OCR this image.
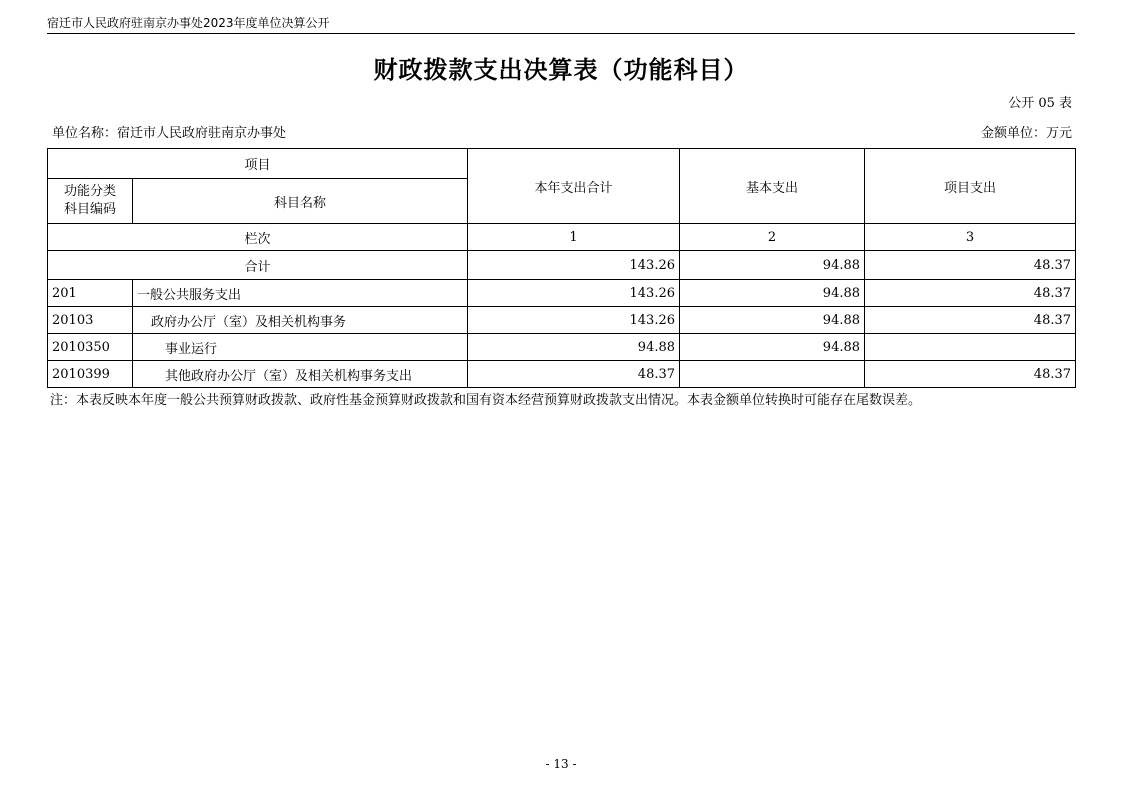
宿迁市人民政府驻南京办事处2023年度单位决算公开
财政拨款支出决算表（功能科目）
公开 05 表
单位名称：宿迁市人民政府驻南京办事处	金额单位：万元
项目		本年支出合计	基本支出	项目支出
功能分类
科目编码	科目名称			
栏次		1	2	3
合计		143.26	94.88	48.37
201	一般公共服务支出	143.26	94.88	48.37
20103	政府办公厅（室）及相关机构事务	143.26	94.88	48.37
2010350	事业运行	94.88	94.88	
2010399	其他政府办公厅（室）及相关机构事务支出	48.37		48.37
注：本表反映本年度一般公共预算财政拨款、政府性基金预算财政拨款和国有资本经营预算财政拨款支出情况。本表金额单位转换时可能存在尾数误差。
- 13 -
